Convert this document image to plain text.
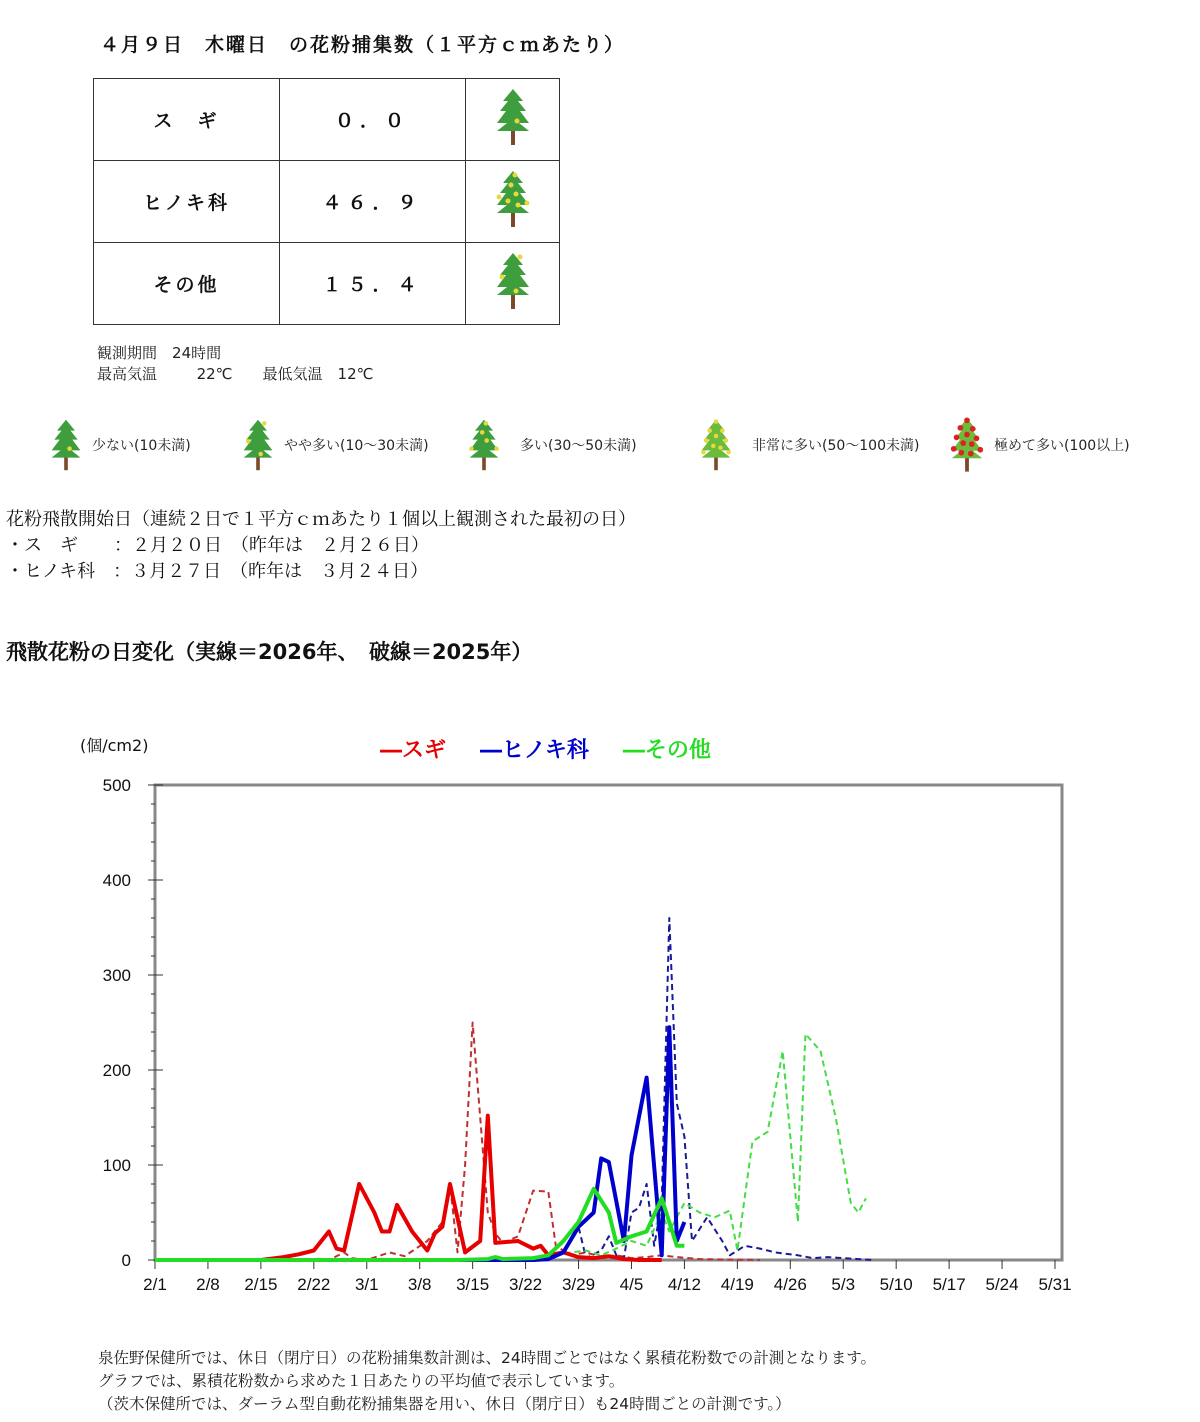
４月９日　木曜日　の花粉捕集数（１平方ｃｍあたり）
ス　ギ	０．０	
ヒノキ科	４６．９	
その他	１５．４	
観測期間　 24時間
最高気温　　	22℃　　 最低気温　 12℃
少ない(10未満)	やや多い(10～30未満)	多い(30～50未満)	非常に多い(50～100未満)	極めて多い(100以上)
花粉飛散開始日（連続２日で１平方ｃｍあたり１個以上観測された最初の日）
・ス　ギ　　：２月２０日　 （昨年は　２月２６日）
・ヒノキ科　：３月２７日　 （昨年は　３月２４日）
飛散花粉の日変化（実線＝2026年、　破線＝2025年）
(個/cm2)	―スギ ―ヒノキ科 ―その他
0
100
200
300
400
500
2/1 2/8 2/15 2/22 3/1 3/8 3/15 3/22 3/29 4/5 4/12 4/19 4/26 5/3 5/10 5/17 5/24 5/31
泉佐野保健所では、休日（閉庁日）の花粉捕集数計測は、24時間ごとではなく累積花粉数での計測となります。
グラフでは、累積花粉数から求めた１日あたりの平均値で表示しています。
（茨木保健所では、ダーラム型自動花粉捕集器を用い、休日（閉庁日）も24時間ごとの計測です。）
